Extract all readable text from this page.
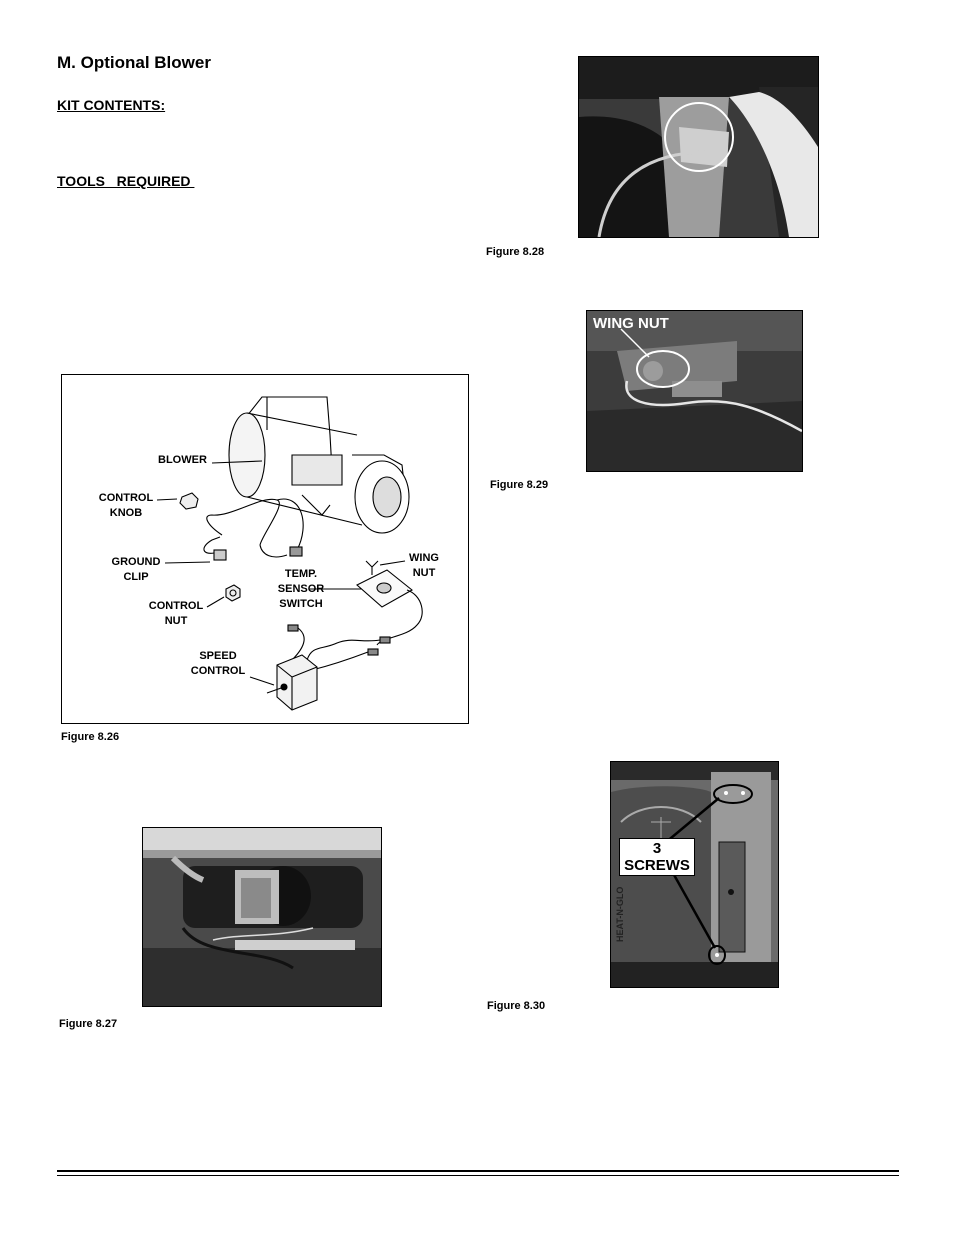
M. Optional Blower
KIT CONTENTS:
TOOLS   REQUIRED
BLOWER
CONTROL
KNOB
GROUND
CLIP
CONTROL
NUT
SPEED
CONTROL
TEMP.
SENSOR
SWITCH
WING
NUT
Figure 8.26
Figure 8.27
Figure 8.28
WING NUT
Figure 8.29
HEAT-N-GLO
3
SCREWS
Figure 8.30
